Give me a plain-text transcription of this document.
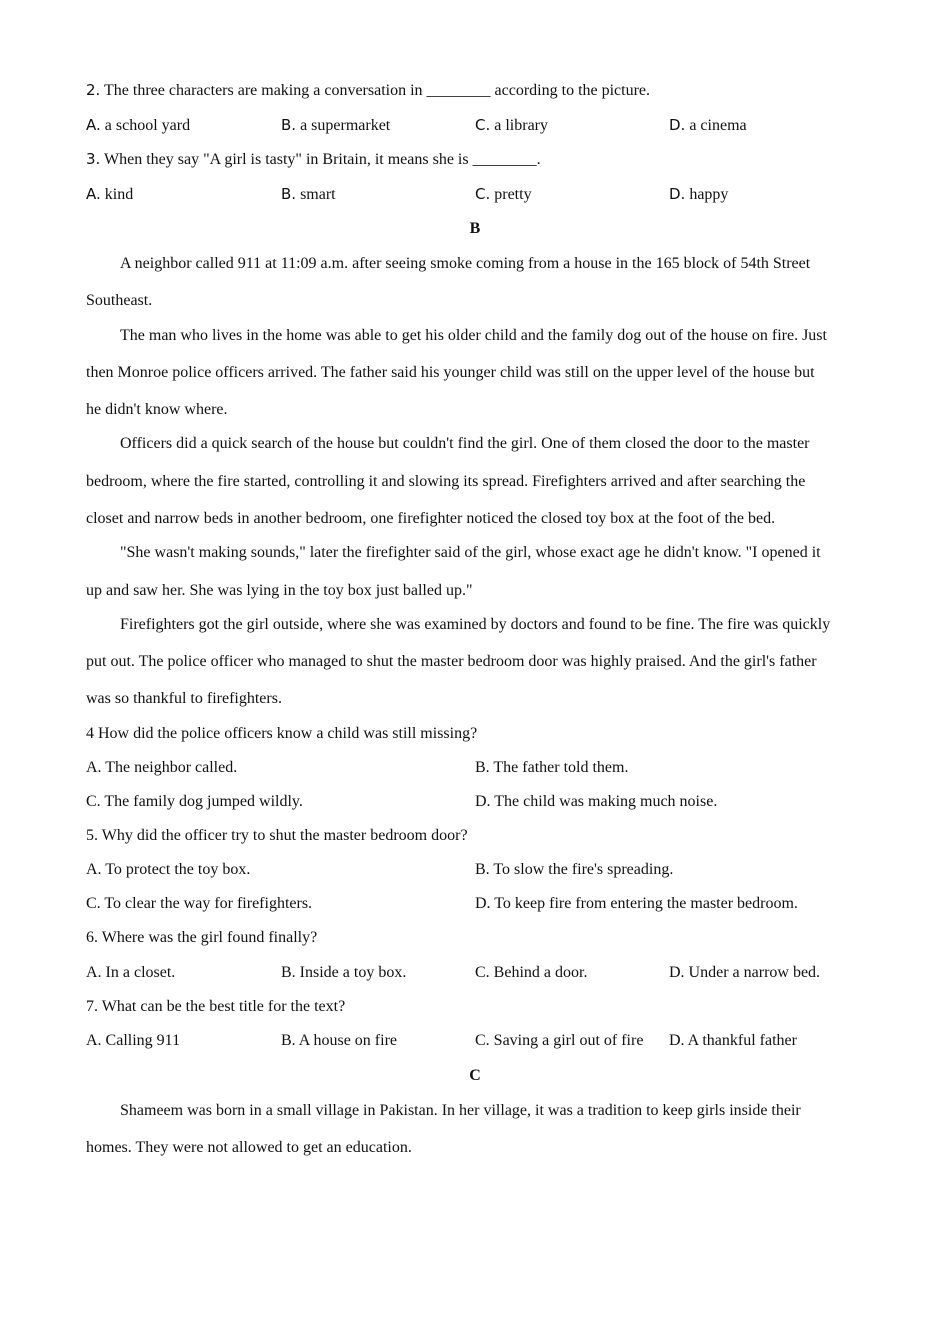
2. The three characters are making a conversation in ________ according to the picture.
A. a school yard	B. a supermarket	C. a library	D. a cinema
3. When they say "A girl is tasty" in Britain, it means she is ________.
A. kind	B. smart	C. pretty	D. happy
B
A neighbor called 911 at 11:09 a.m. after seeing smoke coming from a house in the 165 block of 54th Street
Southeast.
The man who lives in the home was able to get his older child and the family dog out of the house on fire. Just
then Monroe police officers arrived. The father said his younger child was still on the upper level of the house but
he didn't know where.
Officers did a quick search of the house but couldn't find the girl. One of them closed the door to the master
bedroom, where the fire started, controlling it and slowing its spread. Firefighters arrived and after searching the
closet and narrow beds in another bedroom, one firefighter noticed the closed toy box at the foot of the bed.
"She wasn't making sounds," later the firefighter said of the girl, whose exact age he didn't know. "I opened it
up and saw her. She was lying in the toy box just balled up."
Firefighters got the girl outside, where she was examined by doctors and found to be fine. The fire was quickly
put out. The police officer who managed to shut the master bedroom door was highly praised. And the girl's father
was so thankful to firefighters.
4 How did the police officers know a child was still missing?
A. The neighbor called.	B. The father told them.
C. The family dog jumped wildly.	D. The child was making much noise.
5. Why did the officer try to shut the master bedroom door?
A. To protect the toy box.	B. To slow the fire's spreading.
C. To clear the way for firefighters.	D. To keep fire from entering the master bedroom.
6. Where was the girl found finally?
A. In a closet.	B. Inside a toy box.	C. Behind a door.	D. Under a narrow bed.
7. What can be the best title for the text?
A. Calling 911	B. A house on fire	C. Saving a girl out of fire D. A thankful father
C
Shameem was born in a small village in Pakistan. In her village, it was a tradition to keep girls inside their
homes. They were not allowed to get an education.
